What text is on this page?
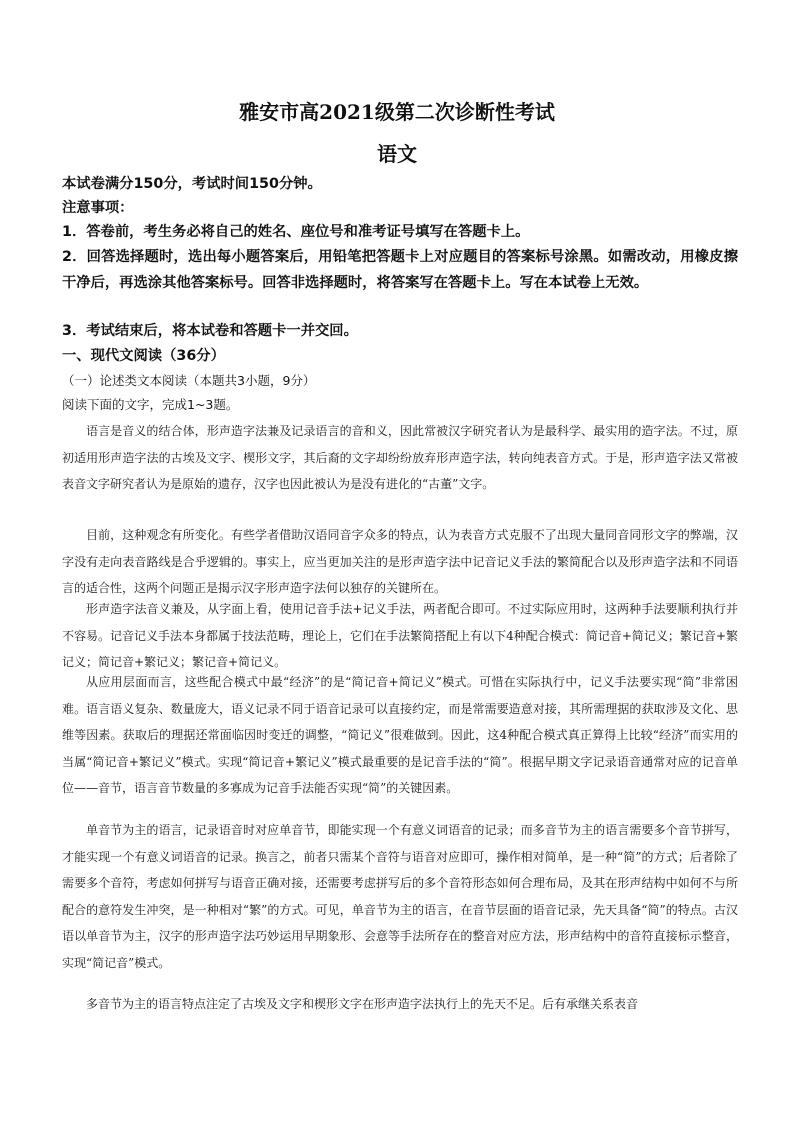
雅安市高2021级第二次诊断性考试
语文
本试卷满分150分，考试时间150分钟。
注意事项：
1．答卷前，考生务必将自己的姓名、座位号和准考证号填写在答题卡上。
2．回答选择题时，选出每小题答案后，用铅笔把答题卡上对应题目的答案标号涂黑。如需改动，用橡皮擦干净后，再选涂其他答案标号。回答非选择题时，将答案写在答题卡上。写在本试卷上无效。
3．考试结束后，将本试卷和答题卡一并交回。
一、现代文阅读（36分）
（一）论述类文本阅读（本题共3小题，9分）
阅读下面的文字，完成1~3题。
语言是音义的结合体，形声造字法兼及记录语言的音和义，因此常被汉字研究者认为是最科学、最实用的造字法。不过，原初适用形声造字法的古埃及文字、楔形文字，其后裔的文字却纷纷放弃形声造字法，转向纯表音方式。于是，形声造字法又常被表音文字研究者认为是原始的遗存，汉字也因此被认为是没有进化的“古董”文字。
目前，这种观念有所变化。有些学者借助汉语同音字众多的特点，认为表音方式克服不了出现大量同音同形文字的弊端，汉字没有走向表音路线是合乎逻辑的。事实上，应当更加关注的是形声造字法中记音记义手法的繁简配合以及形声造字法和不同语言的适合性，这两个问题正是揭示汉字形声造字法何以独存的关键所在。
形声造字法音义兼及，从字面上看，使用记音手法+记义手法，两者配合即可。不过实际应用时，这两种手法要顺利执行并不容易。记音记义手法本身都属于技法范畴，理论上，它们在手法繁简搭配上有以下4种配合模式：简记音+简记义；繁记音+繁记义；简记音+繁记义；繁记音+简记义。
从应用层面而言，这些配合模式中最“经济”的是“简记音+简记义”模式。可惜在实际执行中，记义手法要实现“简”非常困难。语言语义复杂、数量庞大，语义记录不同于语音记录可以直接约定，而是常需要造意对接，其所需理据的获取涉及文化、思维等因素。获取后的理据还常面临因时变迁的调整，“简记义”很难做到。因此，这4种配合模式真正算得上比较“经济”而实用的当属“简记音+繁记义”模式。实现“简记音+繁记义”模式最重要的是记音手法的“简”。根据早期文字记录语音通常对应的记音单位——音节，语言音节数量的多寡成为记音手法能否实现“简”的关键因素。
单音节为主的语言，记录语音时对应单音节，即能实现一个有意义词语音的记录；而多音节为主的语言需要多个音节拼写，才能实现一个有意义词语音的记录。换言之，前者只需某个音符与语音对应即可，操作相对简单，是一种“简”的方式；后者除了需要多个音符，考虑如何拼写与语音正确对接，还需要考虑拼写后的多个音符形态如何合理布局，及其在形声结构中如何不与所配合的意符发生冲突，是一种相对“繁”的方式。可见，单音节为主的语言，在音节层面的语音记录，先天具备“简”的特点。古汉语以单音节为主，汉字的形声造字法巧妙运用早期象形、会意等手法所存在的整音对应方法，形声结构中的音符直接标示整音，实现“简记音”模式。
多音节为主的语言特点注定了古埃及文字和楔形文字在形声造字法执行上的先天不足。后有承继关系表音
